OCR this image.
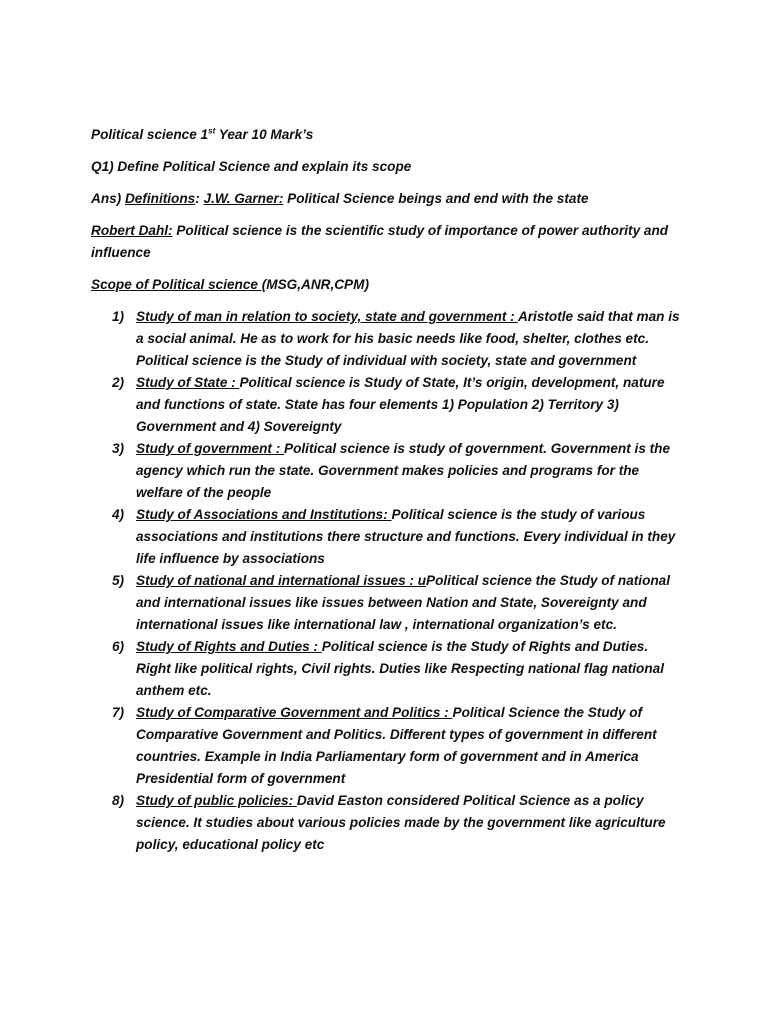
Political science 1st Year 10 Mark’s

Q1) Define Political Science and explain its scope

Ans) Definitions: J.W. Garner: Political Science beings and end with the state

Robert Dahl: Political science is the scientific study of importance of power authority and influence

Scope of Political science (MSG,ANR,CPM)

1) Study of man in relation to society, state and government : Aristotle said that man is a social animal. He as to work for his basic needs like food, shelter, clothes etc. Political science is the Study of individual with society, state and government
2) Study of State : Political science is Study of State, It’s origin, development, nature and functions of state. State has four elements 1) Population 2) Territory 3) Government and 4) Sovereignty
3) Study of government : Political science is study of government. Government is the agency which run the state. Government makes policies and programs for the welfare of the people
4) Study of Associations and Institutions: Political science is the study of various associations and institutions there structure and functions. Every individual in they life influence by associations
5) Study of national and international issues : uPolitical science the Study of national and international issues like issues between Nation and State, Sovereignty and international issues like international law , international organization’s etc.
6) Study of Rights and Duties : Political science is the Study of Rights and Duties. Right like political rights, Civil rights. Duties like Respecting national flag national anthem etc.
7) Study of Comparative Government and Politics : Political Science the Study of Comparative Government and Politics. Different types of government in different countries. Example in India Parliamentary form of government and in America Presidential form of government
8) Study of public policies: David Easton considered Political Science as a policy science. It studies about various policies made by the government like agriculture policy, educational policy etc
